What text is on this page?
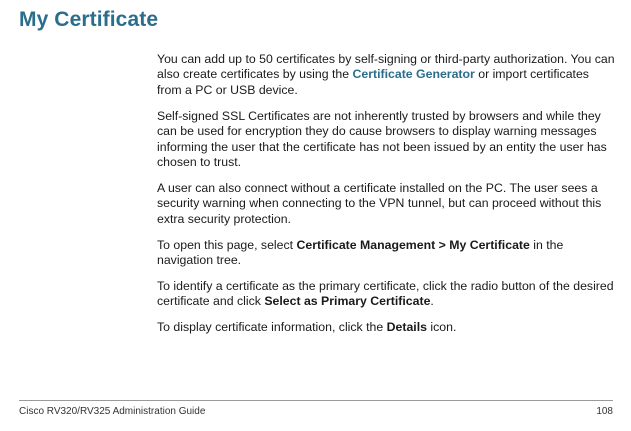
My Certificate

You can add up to 50 certificates by self-signing or third-party authorization. You can also create certificates by using the Certificate Generator or import certificates from a PC or USB device.

Self-signed SSL Certificates are not inherently trusted by browsers and while they can be used for encryption they do cause browsers to display warning messages informing the user that the certificate has not been issued by an entity the user has chosen to trust.

A user can also connect without a certificate installed on the PC. The user sees a security warning when connecting to the VPN tunnel, but can proceed without this extra security protection.

To open this page, select Certificate Management > My Certificate in the navigation tree.

To identify a certificate as the primary certificate, click the radio button of the desired certificate and click Select as Primary Certificate.

To display certificate information, click the Details icon.

Cisco RV320/RV325 Administration Guide	108
